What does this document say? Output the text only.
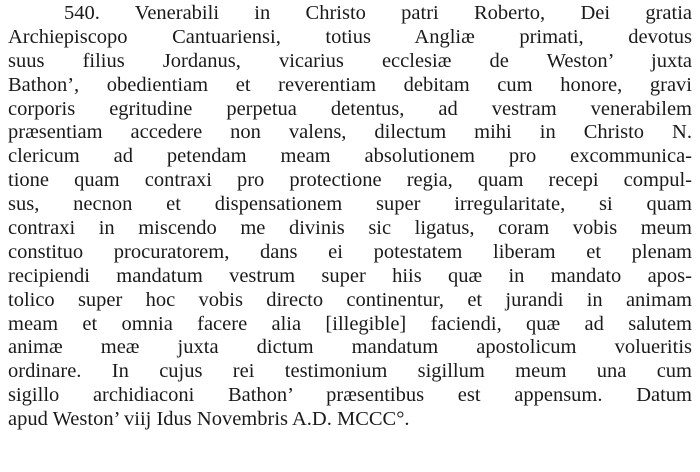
540. Venerabili in Christo patri Roberto, Dei gratia
Archiepiscopo Cantuariensi, totius Angliæ primati, devotus
suus filius Jordanus, vicarius ecclesiæ de Weston’ juxta
Bathon’, obedientiam et reverentiam debitam cum honore, gravi
corporis egritudine perpetua detentus, ad vestram venerabilem
præsentiam accedere non valens, dilectum mihi in Christo N.
clericum ad petendam meam absolutionem pro excommunica-
tione quam contraxi pro protectione regia, quam recepi compul-
sus, necnon et dispensationem super irregularitate, si quam
contraxi in miscendo me divinis sic ligatus, coram vobis meum
constituo procuratorem, dans ei potestatem liberam et plenam
recipiendi mandatum vestrum super hiis quæ in mandato apos-
tolico super hoc vobis directo continentur, et jurandi in animam
meam et omnia facere alia [illegible] faciendi, quæ ad salutem
animæ meæ juxta dictum mandatum apostolicum volueritis
ordinare. In cujus rei testimonium sigillum meum una cum
sigillo archidiaconi Bathon’ præsentibus est appensum. Datum
apud Weston’ viij Idus Novembris A.D. MCCC°.
